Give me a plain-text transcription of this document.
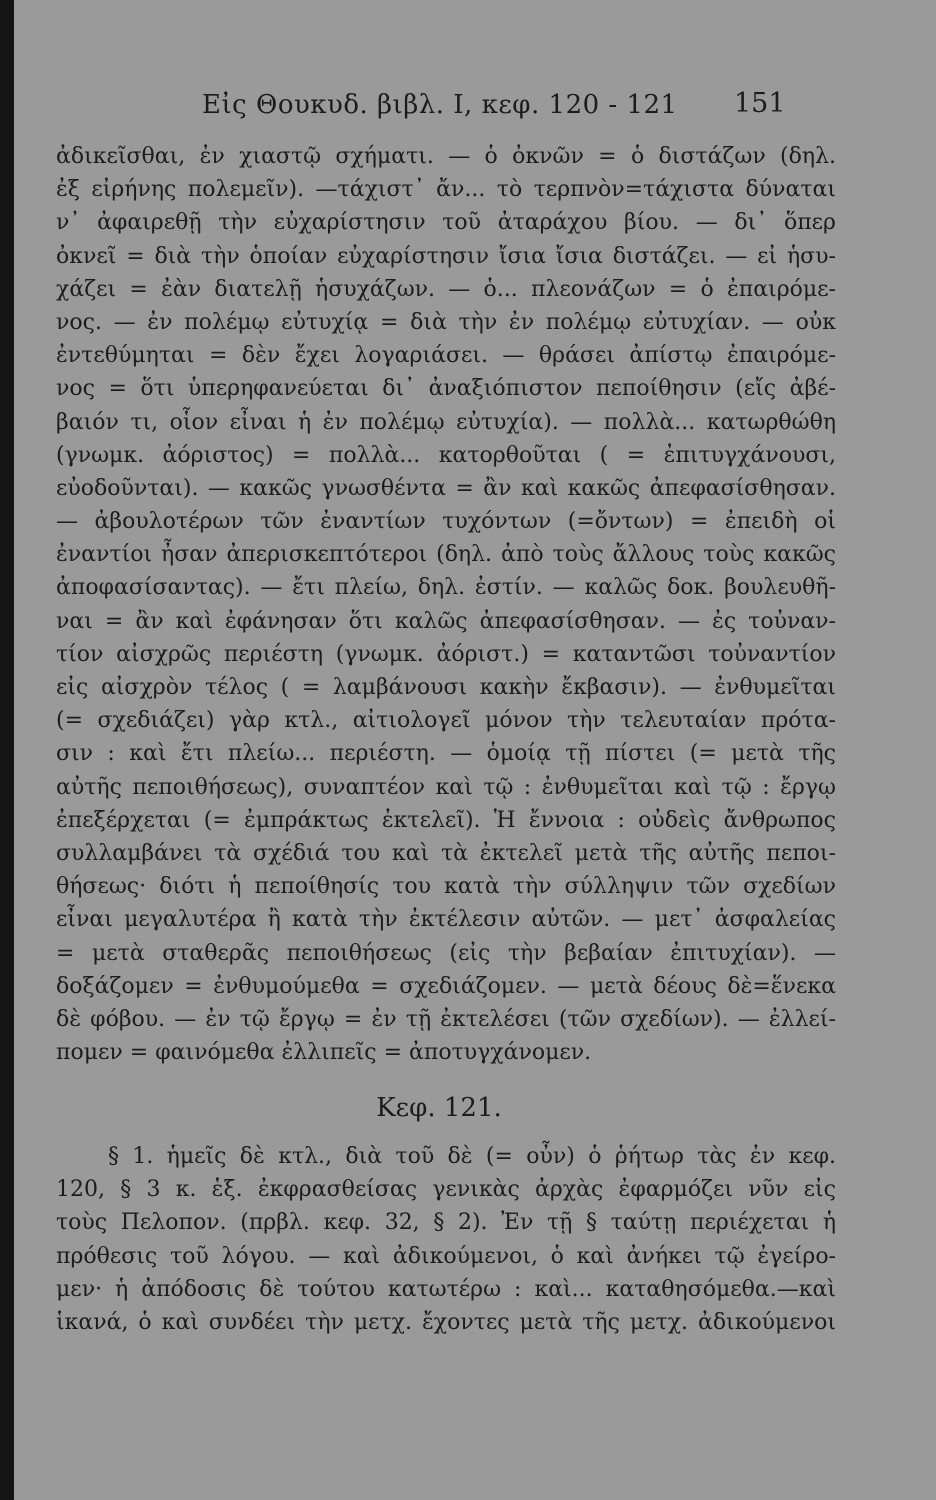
Εἰς Θουκυδ. βιβλ. Ι, κεφ. 120 - 121 151
ἀδικεῖσθαι, ἐν χιαστῷ σχήματι. — ὁ ὀκνῶν = ὁ διστάζων (δηλ.
ἐξ εἰρήνης πολεμεῖν). —τάχιστ᾽ ἄν... τὸ τερπνὸν=τάχιστα δύναται
ν᾽ ἀφαιρεθῇ τὴν εὐχαρίστησιν τοῦ ἀταράχου βίου. — δι᾽ ὅπερ
ὀκνεῖ = διὰ τὴν ὁποίαν εὐχαρίστησιν ἴσια ἴσια διστάζει. — εἰ ἡσυ-
χάζει = ἐὰν διατελῇ ἡσυχάζων. — ὁ... πλεονάζων = ὁ ἐπαιρόμε-
νος. — ἐν πολέμῳ εὐτυχίᾳ = διὰ τὴν ἐν πολέμῳ εὐτυχίαν. — οὐκ
ἐντεθύμηται = δὲν ἔχει λογαριάσει. — θράσει ἀπίστῳ ἐπαιρόμε-
νος = ὅτι ὑπερηφανεύεται δι᾽ ἀναξιόπιστον πεποίθησιν (εἴς ἀβέ-
βαιόν τι, οἷον εἶναι ἡ ἐν πολέμῳ εὐτυχία). — πολλὰ... κατωρθώθη
(γνωμκ. ἀόριστος) = πολλὰ... κατορθοῦται ( = ἐπιτυγχάνουσι,
εὐοδοῦνται). — κακῶς γνωσθέντα = ἂν καὶ κακῶς ἀπεφασίσθησαν.
— ἀβουλοτέρων τῶν ἐναντίων τυχόντων (=ὄντων) = ἐπειδὴ οἱ
ἐναντίοι ἦσαν ἀπερισκεπτότεροι (δηλ. ἀπὸ τοὺς ἄλλους τοὺς κακῶς
ἀποφασίσαντας). — ἔτι πλείω, δηλ. ἐστίν. — καλῶς δοκ. βουλευθῆ-
ναι = ἂν καὶ ἐφάνησαν ὅτι καλῶς ἀπεφασίσθησαν. — ἐς τοὐναν-
τίον αἰσχρῶς περιέστη (γνωμκ. ἀόριστ.) = καταντῶσι τοὐναντίον
εἰς αἰσχρὸν τέλος ( = λαμβάνουσι κακὴν ἔκβασιν). — ἐνθυμεῖται
(= σχεδιάζει) γὰρ κτλ., αἰτιολογεῖ μόνον τὴν τελευταίαν πρότα-
σιν : καὶ ἔτι πλείω... περιέστη. — ὁμοίᾳ τῇ πίστει (= μετὰ τῆς
αὐτῆς πεποιθήσεως), συναπτέον καὶ τῷ : ἐνθυμεῖται καὶ τῷ : ἔργῳ
ἐπεξέρχεται (= ἐμπράκτως ἐκτελεῖ). Ἡ ἔννοια : οὐδεὶς ἄνθρωπος
συλλαμβάνει τὰ σχέδιά του καὶ τὰ ἐκτελεῖ μετὰ τῆς αὐτῆς πεποι-
θήσεως· διότι ἡ πεποίθησίς του κατὰ τὴν σύλληψιν τῶν σχεδίων
εἶναι μεγαλυτέρα ἢ κατὰ τὴν ἐκτέλεσιν αὐτῶν. — μετ᾽ ἀσφαλείας
= μετὰ σταθερᾶς πεποιθήσεως (εἰς τὴν βεβαίαν ἐπιτυχίαν). —
δοξάζομεν = ἐνθυμούμεθα = σχεδιάζομεν. — μετὰ δέους δὲ=ἕνεκα
δὲ φόβου. — ἐν τῷ ἔργῳ = ἐν τῇ ἐκτελέσει (τῶν σχεδίων). — ἐλλεί-
πομεν = φαινόμεθα ἐλλιπεῖς = ἀποτυγχάνομεν.
Κεφ. 121.
§ 1. ἡμεῖς δὲ κτλ., διὰ τοῦ δὲ (= οὖν) ὁ ῥήτωρ τὰς ἐν κεφ.
120, § 3 κ. ἑξ. ἐκφρασθείσας γενικὰς ἀρχὰς ἐφαρμόζει νῦν εἰς
τοὺς Πελοπον. (πρβλ. κεφ. 32, § 2). Ἐν τῇ § ταύτῃ περιέχεται ἡ
πρόθεσις τοῦ λόγου. — καὶ ἀδικούμενοι, ὁ καὶ ἀνήκει τῷ ἐγείρο-
μεν· ἡ ἀπόδοσις δὲ τούτου κατωτέρω : καὶ... καταθησόμεθα.—καὶ
ἱκανά, ὁ καὶ συνδέει τὴν μετχ. ἔχοντες μετὰ τῆς μετχ. ἀδικούμενοι
